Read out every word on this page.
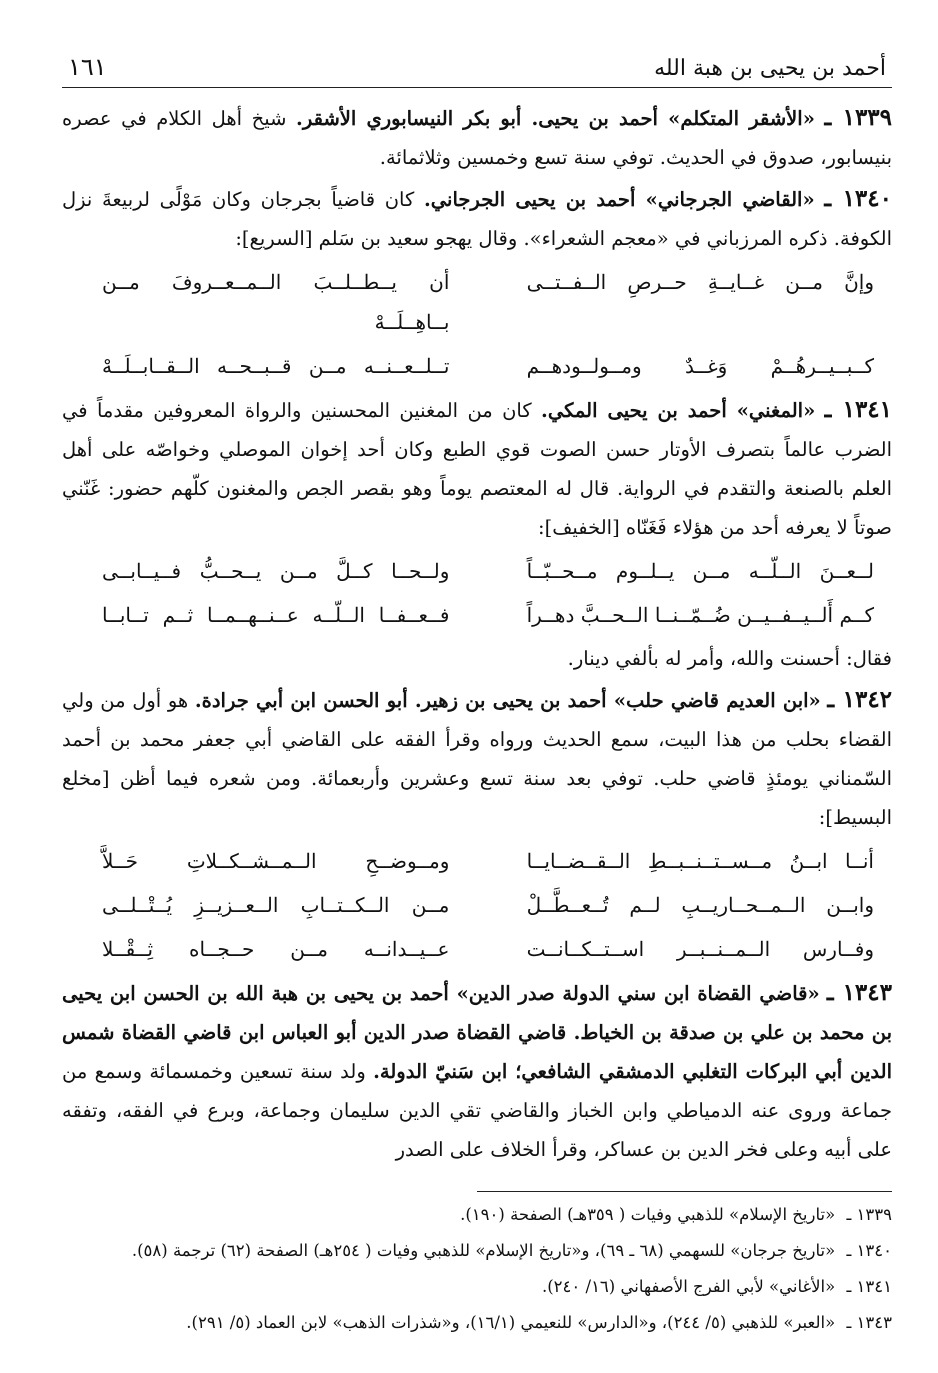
أحمد بن يحيى بن هبة الله
١٦١

١٣٣٩ ـ «الأشقر المتكلم» أحمد بن يحيى. أبو بكر النيسابوري الأشقر. شيخ أهل الكلام في عصره بنيسابور، صدوق في الحديث. توفي سنة تسع وخمسين وثلاثمائة.

١٣٤٠ ـ «القاضي الجرجاني» أحمد بن يحيى الجرجاني. كان قاضياً بجرجان وكان مَوْلًى لربيعةَ نزل الكوفة. ذكره المرزباني في «معجم الشعراء». وقال يهجو سعيد بن سَلم [السريع]:

وإنَّ مــن غــايــةِ حــرصِ الــفــتــى
أن يــطــلــبَ الــمــعــروفَ مــن بــاهِــلَــهْ
كــبــيــرهُــمْ وَغــدٌ ومــولــودهــم
تــلــعــنــه مــن قــبــحــه الــقــابــلَــهْ

١٣٤١ ـ «المغني» أحمد بن يحيى المكي. كان من المغنين المحسنين والرواة المعروفين مقدماً في الضرب عالماً بتصرف الأوتار حسن الصوت قوي الطبع وكان أحد إخوان الموصلي وخواصّه على أهل العلم بالصنعة والتقدم في الرواية. قال له المعتصم يوماً وهو بقصر الجص والمغنون كلّهم حضور: غَنّني صوتاً لا يعرفه أحد من هؤلاء فَغَنّاه [الخفيف]:

لــعــنَ الــلّــه مــن يــلــوم مــحــبّــاً
ولــحــا كــلَّ مــن يــحــبُّ فــيــابــى
كــم أَلــيــفــيــن ضُــمّــنــا الــحــبَّ دهــراً
فــعــفــا الــلّــه عــنــهــمــا ثــم تــابــا

فقال: أحسنت والله، وأمر له بألفي دينار.

١٣٤٢ ـ «ابن العديم قاضي حلب» أحمد بن يحيى بن زهير. أبو الحسن ابن أبي جرادة. هو أول من ولي القضاء بحلب من هذا البيت، سمع الحديث ورواه وقرأ الفقه على القاضي أبي جعفر محمد بن أحمد السّمناني يومئذٍ قاضي حلب. توفي بعد سنة تسع وعشرين وأربعمائة. ومن شعره فيما أظن [مخلع البسيط]:

أنــا ابــنُ مــســتــنــبــطِ الــقــضــايــا
ومــوضــحِ الــمــشــكــلاتِ حَــلاَّ
وابــن الــمــحــاريــبِ لــم تُــعــطَّــلْ
مــن الــكــتــابِ الــعــزيــزِ يُــتْــلــى
وفــارس الــمــنــبــر اســتــكــانــت
عــيــدانــه مــن حــجــاه ثِــقْــلا

١٣٤٣ ـ «قاضي القضاة ابن سني الدولة صدر الدين» أحمد بن يحيى بن هبة الله بن الحسن ابن يحيى بن محمد بن علي بن صدقة بن الخياط. قاضي القضاة صدر الدين أبو العباس ابن قاضي القضاة شمس الدين أبي البركات التغلبي الدمشقي الشافعي؛ ابن سَنيّ الدولة. ولد سنة تسعين وخمسمائة وسمع من جماعة وروى عنه الدمياطي وابن الخباز والقاضي تقي الدين سليمان وجماعة، وبرع في الفقه، وتفقه على أبيه وعلى فخر الدين بن عساكر، وقرأ الخلاف على الصدر

١٣٣٩ ـ «تاريخ الإسلام» للذهبي وفيات ( ٣٥٩هـ) الصفحة (١٩٠).

١٣٤٠ ـ «تاريخ جرجان» للسهمي (٦٨ ـ ٦٩)، و«تاريخ الإسلام» للذهبي وفيات ( ٢٥٤هـ) الصفحة (٦٢) ترجمة (٥٨).

١٣٤١ ـ «الأغاني» لأبي الفرج الأصفهاني (١٦/ ٢٤٠).

١٣٤٣ ـ «العبر» للذهبي (٥/ ٢٤٤)، و«الدارس» للنعيمي (١٦/١)، و«شذرات الذهب» لابن العماد (٥/ ٢٩١).
